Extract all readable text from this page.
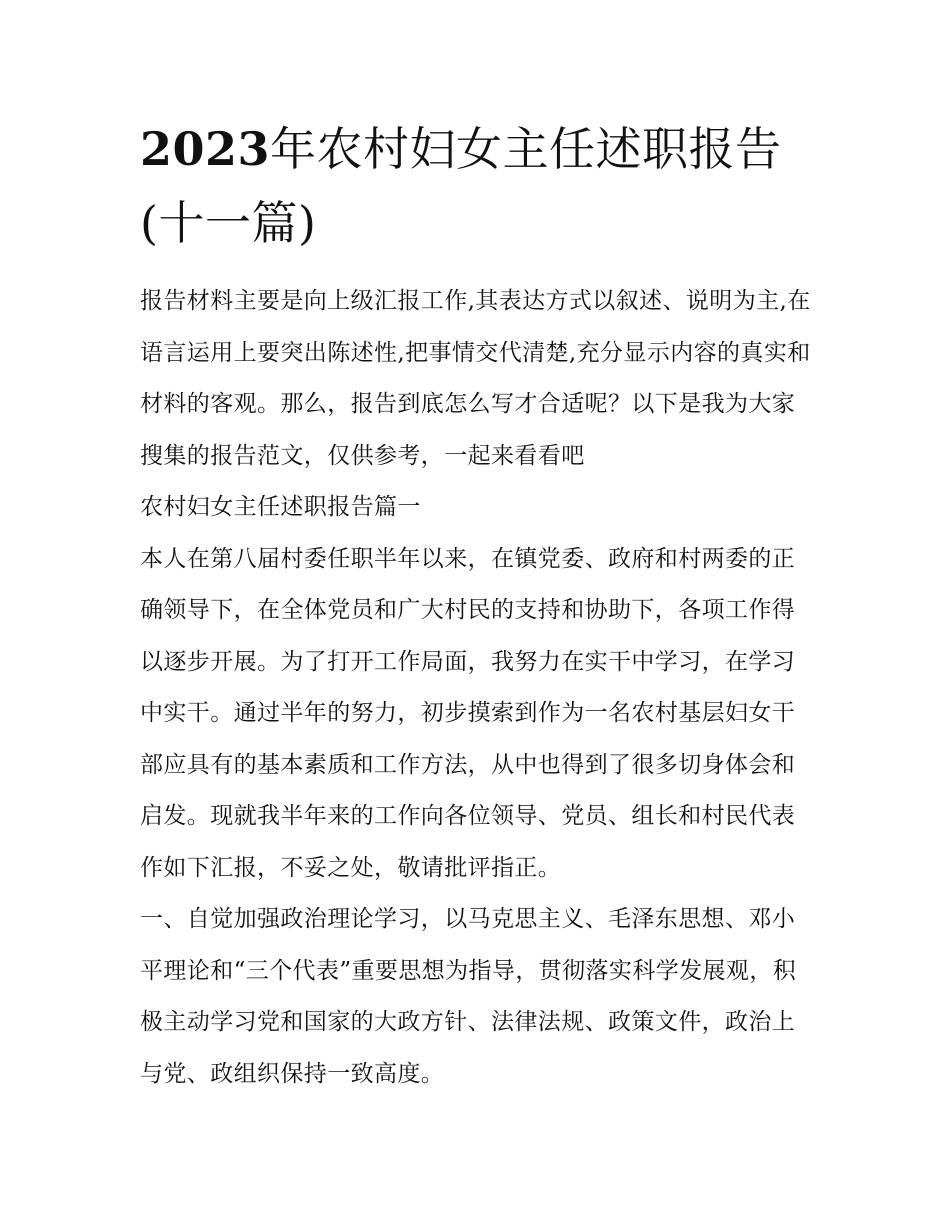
2023年农村妇女主任述职报告(十一篇)

报告材料主要是向上级汇报工作,其表达方式以叙述、说明为主,在语言运用上要突出陈述性,把事情交代清楚,充分显示内容的真实和材料的客观。那么，报告到底怎么写才合适呢？以下是我为大家搜集的报告范文，仅供参考，一起来看看吧

农村妇女主任述职报告篇一

本人在第八届村委任职半年以来，在镇党委、政府和村两委的正确领导下，在全体党员和广大村民的支持和协助下，各项工作得以逐步开展。为了打开工作局面，我努力在实干中学习，在学习中实干。通过半年的努力，初步摸索到作为一名农村基层妇女干部应具有的基本素质和工作方法，从中也得到了很多切身体会和启发。现就我半年来的工作向各位领导、党员、组长和村民代表作如下汇报，不妥之处，敬请批评指正。

一、自觉加强政治理论学习，以马克思主义、毛泽东思想、邓小平理论和“三个代表”重要思想为指导，贯彻落实科学发展观，积极主动学习党和国家的大政方针、法律法规、政策文件，政治上与党、政组织保持一致高度。
